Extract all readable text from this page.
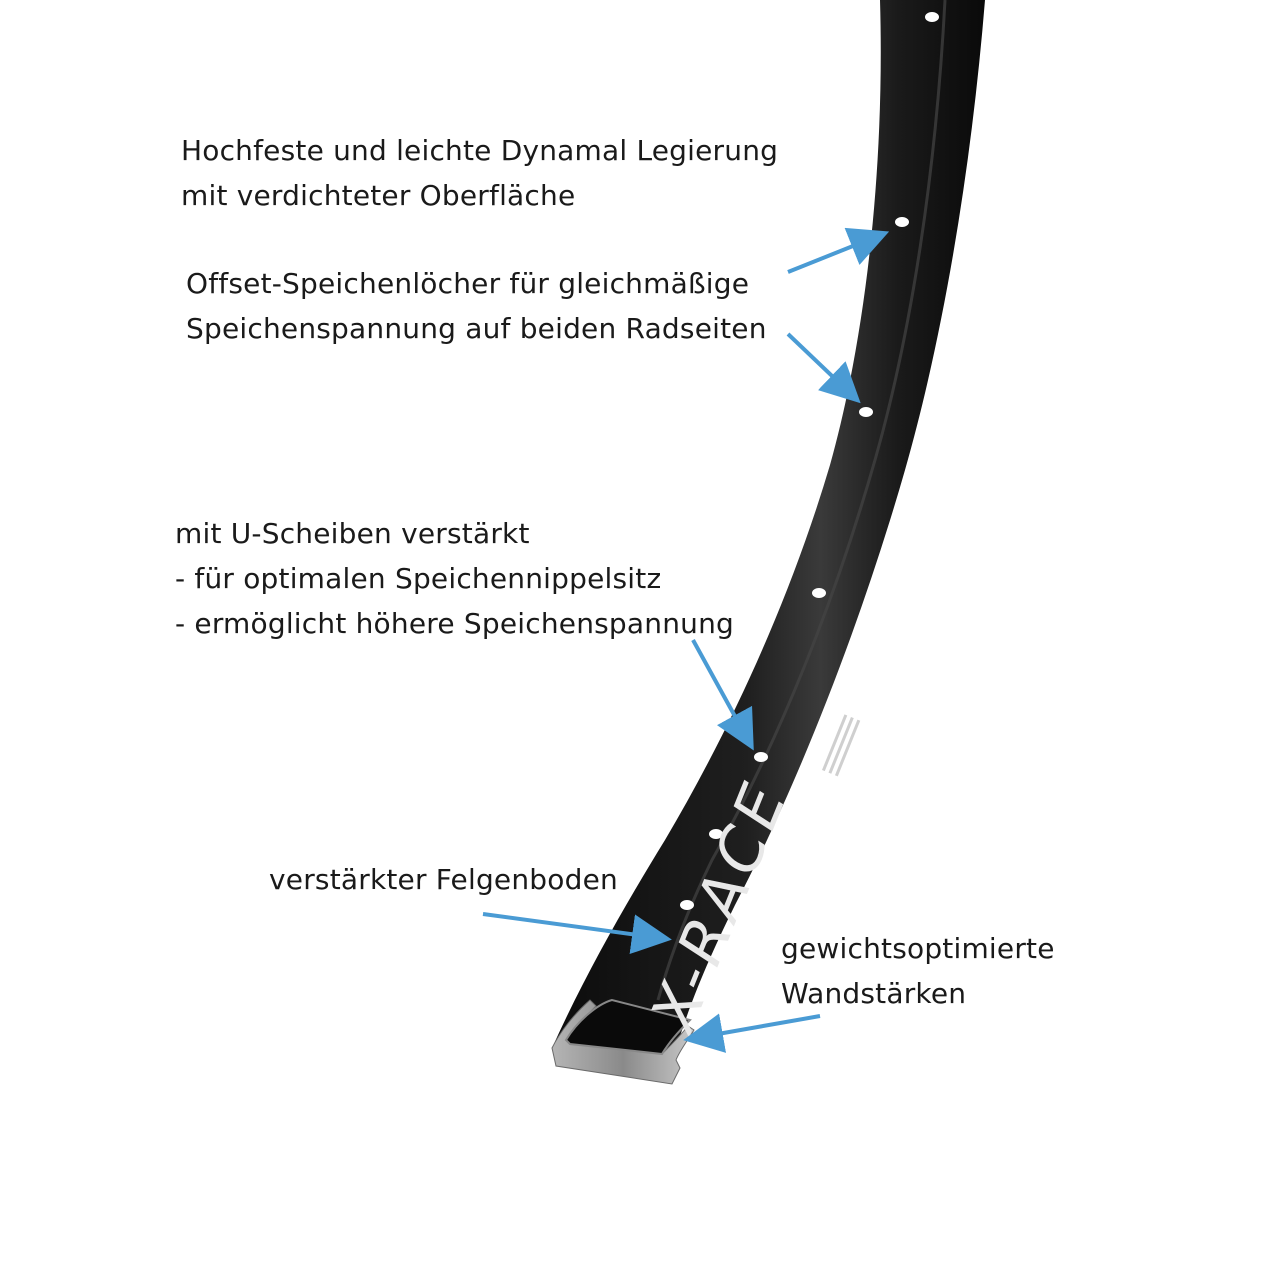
X-RACE
Hochfeste und leichte Dynamal Legierung
mit verdichteter Oberfläche
Offset-Speichenlöcher für gleichmäßige
Speichenspannung auf beiden Radseiten
mit U-Scheiben verstärkt
- für optimalen Speichennippelsitz
- ermöglicht höhere Speichenspannung
verstärkter Felgenboden
gewichtsoptimierte
Wandstärken
